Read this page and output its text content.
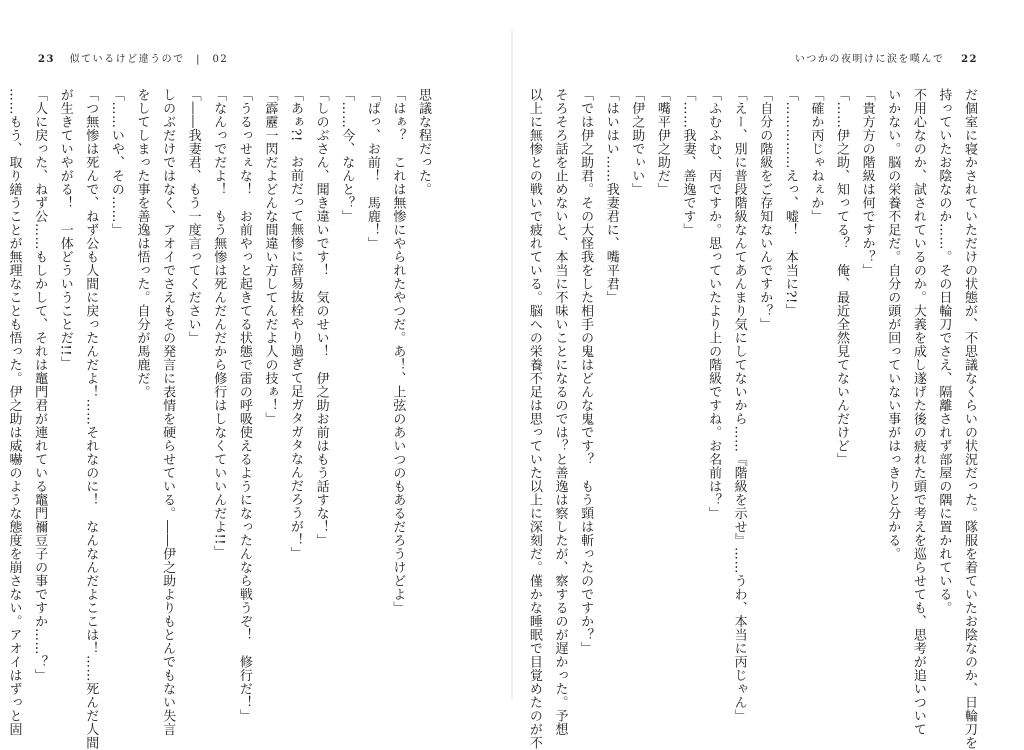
23 似ているけど違うので　|　02

思議な程だった。

「はぁ？　これは無惨にやられたやつだ。あ！、上弦のあいつのもあるだろうけどよ」

「ぱっ、お前！　馬鹿！」

「……今、なんと？」

「しのぶさん、聞き違いです！　気のせい！　伊之助お前はもう話すな！」

「あぁ?!　お前だって無惨に辞易抜栓やり過ぎて足ガタガタなんだろうが！」

「霹靂一閃だよどんな間違い方してんだよ人の技ぁ！」

「うるっせぇな！　お前やっと起きてる状態で雷の呼吸使えるようになったんなら戦うぞ！　修行だ！」

「なんっでだよ！　もう無惨は死んだんだから修行はしなくていいんだよ!!」

「――我妻君、もう一度言ってください」

しのぶだけではなく、アオイでさえもその発言に表情を硬らせている。――伊之助よりもとんでもない失言

をしてしまった事を善逸は悟った。自分が馬鹿だ。

「……いや、その……」

「つ無惨は死んで、ねず公も人間に戻ったんだよ！……それなのに！　なんなんだよここは！……死んだ人間

が生きていやがる！　一体どういうことだ!!」

「人に戻った、ねず公……もしかして、それは竈門君が連れている竈門禰豆子の事ですか……？」

……もう、取り繕うことが無理なことも悟った。伊之助は威嚇のような態度を崩さない。アオイはずっと固

いつかの夜明けに涙を嘆んで 22

だ個室に寝かされていただけの状態が、不思議なくらいの状況だった。隊服を着ていたお陰なのか、日輪刀を

持っていたお陰なのか……。その日輪刀でさえ、隔離されず部屋の隅に置かれている。

不用心なのか、試されているのか。大義を成し遂げた後の疲れた頭で考えを巡らせても、思考が追いついて

いかない。脳の栄養不足だ。自分の頭が回っていない事がはっきりと分かる。

「貴方方の階級は何ですか？」

「……伊之助、知ってる？　俺、最近全然見てないんだけど」

「確か丙じゃねぇか」

「……………えっ、嘘！　本当に?!」

「自分の階級をご存知ないんですか？」

「えー、別に普段階級なんてあんまり気にしてないから……『階級を示せ』……うわ、本当に丙じゃん」

「ふむふむ、丙ですか。思っていたより上の階級ですね。お名前は？」

「……我妻、善逸です」

「嘴平伊之助だ」

「伊之助でぃい」

「はいはい……我妻君に、嘴平君」

「では伊之助君。その大怪我をした相手の鬼はどんな鬼です？　もう頸は斬ったのですか？」

そろそろ話を止めないと、本当に不味いことになるのでは？と善逸は察したが、察するのが遅かった。予想

以上に無惨との戦いで疲れている。脳への栄養不足は思っていた以上に深刻だ。僅かな睡眠で目覚めたのが不
